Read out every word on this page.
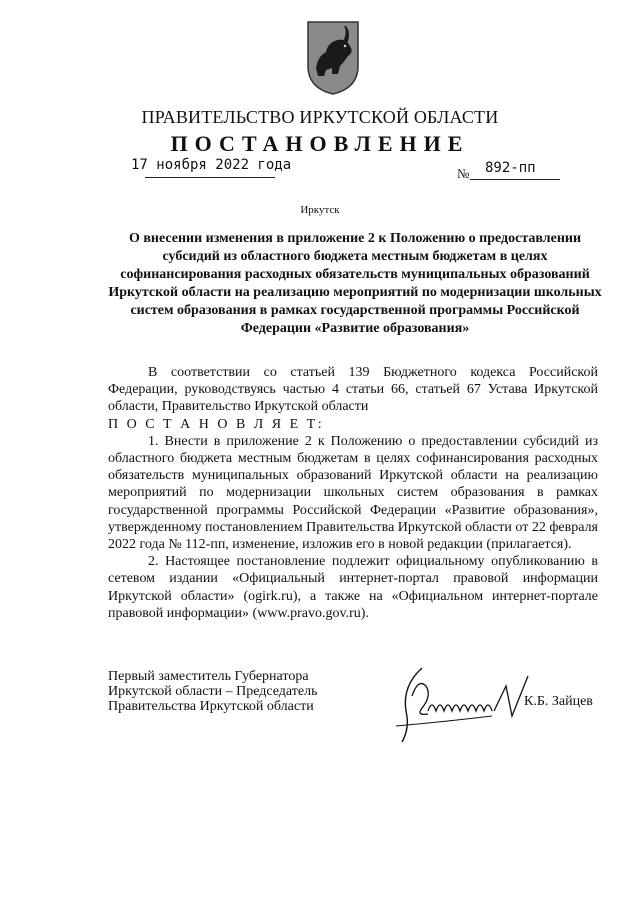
ПРАВИТЕЛЬСТВО ИРКУТСКОЙ ОБЛАСТИ
ПОСТАНОВЛЕНИЕ
17 ноября 2022 года
№ 892-пп
Иркутск
О внесении изменения в приложение 2 к Положению о предоставлении субсидий из областного бюджета местным бюджетам в целях софинансирования расходных обязательств муниципальных образований Иркутской области на реализацию мероприятий по модернизации школьных систем образования в рамках государственной программы Российской Федерации «Развитие образования»

В соответствии со статьей 139 Бюджетного кодекса Российской Федерации, руководствуясь частью 4 статьи 66, статьей 67 Устава Иркутской области, Правительство Иркутской области

П О С Т А Н О В Л Я Е Т:

1. Внести в приложение 2 к Положению о предоставлении субсидий из областного бюджета местным бюджетам в целях софинансирования расходных обязательств муниципальных образований Иркутской области на реализацию мероприятий по модернизации школьных систем образования в рамках государственной программы Российской Федерации «Развитие образования», утвержденному постановлением Правительства Иркутской области от 22 февраля 2022 года № 112-пп, изменение, изложив его в новой редакции (прилагается).

2. Настоящее постановление подлежит официальному опубликованию в сетевом издании «Официальный интернет-портал правовой информации Иркутской области» (ogirk.ru), а также на «Официальном интернет-портале правовой информации» (www.pravo.gov.ru).

Первый заместитель Губернатора
Иркутской области – Председатель
Правительства Иркутской области	К.Б. Зайцев
